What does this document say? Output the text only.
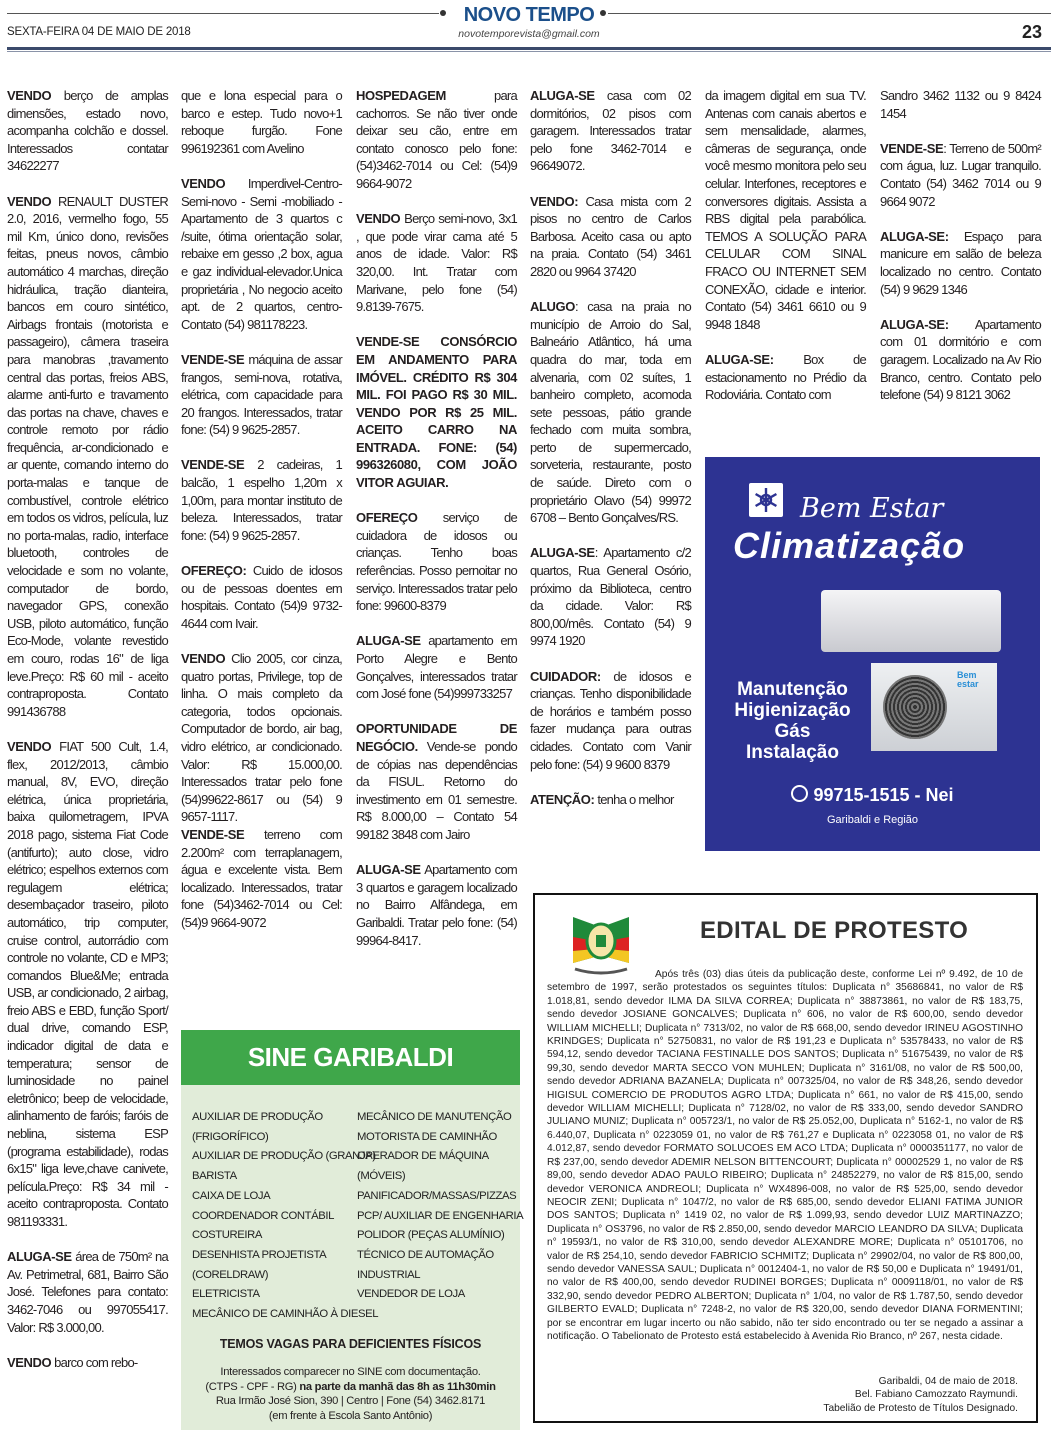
NOVO TEMPO
novotemporevista@gmail.com
SEXTA-FEIRA 04 DE MAIO DE 2018	23

VENDO berço de amplas dimensões, estado novo, acompanha colchão e dossel. Interessados contatar 34622277

VENDO RENAULT DUSTER 2.0, 2016, vermelho fogo, 55 mil Km, único dono, revisões feitas, pneus novos, câmbio automático 4 marchas, direção hidráulica, tração dianteira, bancos em couro sintético, Airbags frontais (motorista e passageiro), câmera traseira para manobras ,travamento central das portas, freios ABS, alarme anti-furto e travamento das portas na chave, chaves e controle remoto por rádio frequência, ar-condicionado e ar quente, comando interno do porta-malas e tanque de combustível, controle elétrico em todos os vidros, película, luz no porta-malas, radio, interface bluetooth, controles de velocidade e som no volante, computador de bordo, navegador GPS, conexão USB, piloto automático, função Eco-Mode, volante revestido em couro, rodas 16" de liga leve.Preço: R$ 60 mil - aceito contraproposta. Contato 991436788

VENDO FIAT 500 Cult, 1.4, flex, 2012/2013, câmbio manual, 8V, EVO, direção elétrica, única proprietária, baixa quilometragem, IPVA 2018 pago, sistema Fiat Code (antifurto); auto close, vidro elétrico; espelhos externos com regulagem elétrica; desembaçador traseiro, piloto automático, trip computer, cruise control, autorrádio com controle no volante, CD e MP3; comandos Blue&Me; entrada USB, ar condicionado, 2 airbag, freio ABS e EBD, função Sport/ dual drive, comando ESP, indicador digital de data e temperatura; sensor de luminosidade no painel eletrônico; beep de velocidade, alinhamento de faróis; faróis de neblina, sistema ESP (programa estabilidade), rodas 6x15" liga leve,chave canivete, película.Preço: R$ 34 mil - aceito contraproposta. Contato 981193331.

ALUGA-SE área de 750m² na Av. Petrimetral, 681, Bairro São José. Telefones para contato: 3462-7046 ou 997055417. Valor: R$ 3.000,00.

VENDO barco com rebo-

que e lona especial para o barco e estep. Tudo novo+1 reboque furgão. Fone 996192361 com Avelino

VENDO Imperdivel-Centro-Semi-novo - Semi -mobiliado -Apartamento de 3 quartos c /suite, ótima orientação solar, rebaixe em gesso ,2 box, agua e gaz individual-elevador.Unica proprietária , No negocio aceito apt. de 2 quartos, centro- Contato (54) 981178223.

VENDE-SE máquina de assar frangos, semi-nova, rotativa, elétrica, com capacidade para 20 frangos. Interessados, tratar fone: (54) 9 9625-2857.

VENDE-SE 2 cadeiras, 1 balcão, 1 espelho 1,20m x 1,00m, para montar instituto de beleza. Interessados, tratar fone: (54) 9 9625-2857.

OFEREÇO: Cuido de idosos ou de pessoas doentes em hospitais. Contato (54)9 9732-4644 com Ivair.

VENDO Clio 2005, cor cinza, quatro portas, Privilege, top de linha. O mais completo da categoria, todos opcionais. Computador de bordo, air bag, vidro elétrico, ar condicionado. Valor: R$ 15.000,00. Interessados tratar pelo fone (54)99622-8617 ou (54) 9 9657-1117.

VENDE-SE terreno com 2.200m² com terraplanagem, água e excelente vista. Bem localizado. Interessados, tratar fone (54)3462-7014 ou Cel:(54)9 9664-9072

HOSPEDAGEM	para cachorros. Se não tiver onde deixar seu cão, entre em contato conosco pelo fone: (54)3462-7014 ou Cel: (54)9 9664-9072

VENDO Berço semi-novo, 3x1 , que pode virar cama até 5 anos de idade. Valor: R$ 320,00. Int. Tratar com Marivane, pelo fone (54) 9.8139-7675.

VENDE-SE CONSÓRCIO EM ANDAMENTO PARA IMÓVEL. CRÉDITO R$ 304 MIL. FOI PAGO R$ 30 MIL. VENDO POR R$ 25 MIL. ACEITO CARRO NA ENTRADA. FONE: (54) 996326080, COM JOÃO VITOR AGUIAR.

OFEREÇO serviço de cuidadora de idosos ou crianças. Tenho boas referências. Posso pernoitar no serviço. Interessados tratar pelo fone: 99600-8379

ALUGA-SE apartamento em Porto Alegre e Bento Gonçalves, interessados tratar com José fone (54)999733257

OPORTUNIDADE DE NEGÓCIO. Vende-se pondo de cópias nas dependências da FISUL. Retorno do investimento em 01 semestre. R$ 8.000,00 – Contato 54 99182 3848 com Jairo

ALUGA-SE Apartamento com 3 quartos e garagem localizado no Bairro Alfândega, em Garibaldi. Tratar pelo fone: (54) 99964-8417.

ALUGA-SE casa com 02 dormitórios, 02 pisos com garagem. Interessados tratar pelo fone 3462-7014 e 96649072.

VENDO: Casa mista com 2 pisos no centro de Carlos Barbosa. Aceito casa ou apto na praia. Contato (54) 3461 2820 ou 9964 37420

ALUGO: casa na praia no município de Arroio do Sal, Balneário Atlântico, há uma quadra do mar, toda em alvenaria, com 02 suítes, 1 banheiro completo, acomoda sete pessoas, pátio grande fechado com muita sombra, perto de supermercado, sorveteria, restaurante, posto de saúde. Direto com o proprietário Olavo (54) 99972 6708 – Bento Gonçalves/RS.

ALUGA-SE: Apartamento c/2 quartos, Rua General Osório, próximo da Biblioteca, centro da cidade. Valor: R$ 800,00/mês. Contato (54) 9 9974 1920

CUIDADOR: de idosos e crianças. Tenho disponibilidade de horários e também posso fazer mudança para outras cidades. Contato com Vanir pelo fone: (54) 9 9600 8379

ATENÇÃO: tenha o melhor

da imagem digital em sua TV. Antenas com canais abertos e sem mensalidade, alarmes, câmeras de segurança, onde você mesmo monitora pelo seu celular. Interfones, receptores e conversores digitais. Assista a RBS digital pela parabólica. TEMOS A SOLUÇÃO PARA CELULAR COM SINAL FRACO OU INTERNET SEM CONEXÃO, cidade e interior. Contato (54) 3461 6610 ou 9 9948 1848

ALUGA-SE: Box de estacionamento no Prédio da Rodoviária. Contato com

Sandro 3462 1132 ou 9 8424 1454

VENDE-SE: Terreno de 500m² com água, luz. Lugar tranquilo. Contato (54) 3462 7014 ou 9 9664 9072

ALUGA-SE: Espaço para manicure em salão de beleza localizado no centro. Contato (54) 9 9629 1346

ALUGA-SE: Apartamento com 01 dormitório e com garagem. Localizado na Av Rio Branco, centro. Contato pelo telefone (54) 9 8121 3062

SINE GARIBALDI
AUXILIAR DE PRODUÇÃO
(FRIGORÍFICO)
AUXILIAR DE PRODUÇÃO (GRANJA)
BARISTA
CAIXA DE LOJA
COORDENADOR CONTÁBIL
COSTUREIRA
DESENHISTA PROJETISTA
(CORELDRAW)
ELETRICISTA
MECÂNICO DE CAMINHÃO À DIESEL
MECÂNICO DE MANUTENÇÃO
MOTORISTA DE CAMINHÃO
OPERADOR DE MÁQUINA
(MÓVEIS)
PANIFICADOR/MASSAS/PIZZAS
PCP/ AUXILIAR DE ENGENHARIA
POLIDOR (PEÇAS ALUMÍNIO)
TÉCNICO DE AUTOMAÇÃO
INDUSTRIAL
VENDEDOR DE LOJA
TEMOS VAGAS PARA DEFICIENTES FÍSICOS
Interessados comparecer no SINE com documentação.
(CTPS - CPF - RG) na parte da manhã das 8h as 11h30min
Rua Irmão José Sion, 390 | Centro | Fone (54) 3462.8171
(em frente à Escola Santo Antônio)
Bem Estar
Climatização
Bem estar
Manutenção
Higienização
Gás
Instalação
99715-1515 - Nei
Garibaldi e Região
EDITAL DE PROTESTO
Após três (03) dias úteis da publicação deste, conforme Lei nº 9.492, de 10 de setembro de 1997, serão protestados os seguintes títulos: Duplicata n° 35686841, no valor de R$ 1.018,81, sendo devedor ILMA DA SILVA CORREA; Duplicata n° 38873861, no valor de R$ 183,75, sendo devedor JOSIANE GONCALVES; Duplicata n° 606, no valor de R$ 600,00, sendo devedor WILLIAM MICHELLI; Duplicata n° 7313/02, no valor de R$ 668,00, sendo devedor IRINEU AGOSTINHO KRINDGES; Duplicata n° 52750831, no valor de R$ 191,23 e Duplicata n° 53578433, no valor de R$ 594,12, sendo devedor TACIANA FESTINALLE DOS SANTOS; Duplicata n° 51675439, no valor de R$ 99,30, sendo devedor MARTA SECCO VON MUHLEN; Duplicata n° 3161/08, no valor de R$ 500,00, sendo devedor ADRIANA BAZANELA; Duplicata n° 007325/04, no valor de R$ 348,26, sendo devedor HIGISUL COMERCIO DE PRODUTOS AGRO LTDA; Duplicata n° 661, no valor de R$ 415,00, sendo devedor WILLIAM MICHELLI; Duplicata n° 7128/02, no valor de R$ 333,00, sendo devedor SANDRO JULIANO MUNIZ; Duplicata n° 005723/1, no valor de R$ 25.052,00, Duplicata n° 5162-1, no valor de R$ 6.440,07, Duplicata n° 0223059 01, no valor de R$ 761,27 e Duplicata n° 0223058 01, no valor de R$ 4.012,87, sendo devedor FORMATO SOLUCOES EM ACO LTDA; Duplicata n° 0000351177, no valor de R$ 237,00, sendo devedor ADEMIR NELSON BITTENCOURT; Duplicata n° 00002529 1, no valor de R$ 89,00, sendo devedor ADAO PAULO RIBEIRO; Duplicata n° 24852279, no valor de R$ 815,00, sendo devedor VERONICA ANDREOLI; Duplicata n° WX4896-008, no valor de R$ 525,00, sendo devedor NEOCIR ZENI; Duplicata n° 1047/2, no valor de R$ 685,00, sendo devedor ELIANI FATIMA JUNIOR DOS SANTOS; Duplicata n° 1419 02, no valor de R$ 1.099,93, sendo devedor LUIZ MARTINAZZO; Duplicata n° OS3796, no valor de R$ 2.850,00, sendo devedor MARCIO LEANDRO DA SILVA; Duplicata n° 19593/1, no valor de R$ 310,00, sendo devedor ALEXANDRE MORE; Duplicata n° 05101706, no valor de R$ 254,10, sendo devedor FABRICIO SCHMITZ; Duplicata n° 29902/04, no valor de R$ 800,00, sendo devedor VANESSA SAUL; Duplicata n° 0012404-1, no valor de R$ 50,00 e Duplicata n° 19491/01, no valor de R$ 400,00, sendo devedor RUDINEI BORGES; Duplicata n° 0009118/01, no valor de R$ 332,90, sendo devedor PEDRO ALBERTON; Duplicata n° 1/04, no valor de R$ 1.787,50, sendo devedor GILBERTO EVALD; Duplicata n° 7248-2, no valor de R$ 320,00, sendo devedor DIANA FORMENTINI; por se encontrar em lugar incerto ou não sabido, não ter sido encontrado ou ter se negado a assinar a notificação. O Tabelionato de Protesto está estabelecido à Avenida Rio Branco, nº 267, nesta cidade.
Garibaldi, 04 de maio de 2018.
Bel. Fabiano Camozzato Raymundi.
Tabelião de Protesto de Títulos Designado.
